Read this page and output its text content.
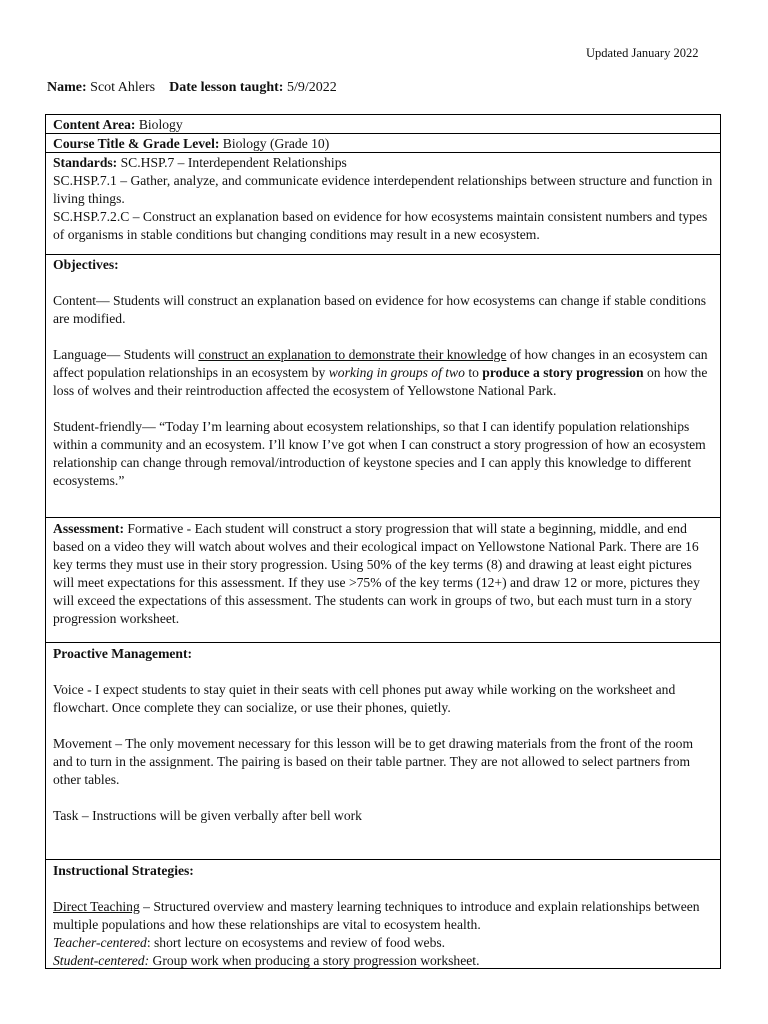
Updated January 2022
Name: Scot Ahlers Date lesson taught: 5/9/2022
Content Area: Biology
Course Title & Grade Level: Biology (Grade 10)

Standards: SC.HSP.7 – Interdependent Relationships

SC.HSP.7.1 – Gather, analyze, and communicate evidence interdependent relationships between structure and function in living things.

SC.HSP.7.2.C – Construct an explanation based on evidence for how ecosystems maintain consistent numbers and types of organisms in stable conditions but changing conditions may result in a new ecosystem.

Objectives:

Content— Students will construct an explanation based on evidence for how ecosystems can change if stable conditions are modified.

Language— Students will construct an explanation to demonstrate their knowledge of how changes in an ecosystem can affect population relationships in an ecosystem by working in groups of two to produce a story progression on how the loss of wolves and their reintroduction affected the ecosystem of Yellowstone National Park.

Student-friendly— “Today I’m learning about ecosystem relationships, so that I can identify population relationships within a community and an ecosystem. I’ll know I’ve got when I can construct a story progression of how an ecosystem relationship can change through removal/introduction of keystone species and I can apply this knowledge to different ecosystems.”

Assessment: Formative - Each student will construct a story progression that will state a beginning, middle, and end based on a video they will watch about wolves and their ecological impact on Yellowstone National Park. There are 16 key terms they must use in their story progression. Using 50% of the key terms (8) and drawing at least eight pictures will meet expectations for this assessment. If they use >75% of the key terms (12+) and draw 12 or more, pictures they will exceed the expectations of this assessment. The students can work in groups of two, but each must turn in a story progression worksheet.

Proactive Management:

Voice - I expect students to stay quiet in their seats with cell phones put away while working on the worksheet and flowchart. Once complete they can socialize, or use their phones, quietly.

Movement – The only movement necessary for this lesson will be to get drawing materials from the front of the room and to turn in the assignment. The pairing is based on their table partner. They are not allowed to select partners from other tables.

Task – Instructions will be given verbally after bell work

Instructional Strategies:

Direct Teaching – Structured overview and mastery learning techniques to introduce and explain relationships between multiple populations and how these relationships are vital to ecosystem health.

Teacher-centered: short lecture on ecosystems and review of food webs.

Student-centered: Group work when producing a story progression worksheet.
